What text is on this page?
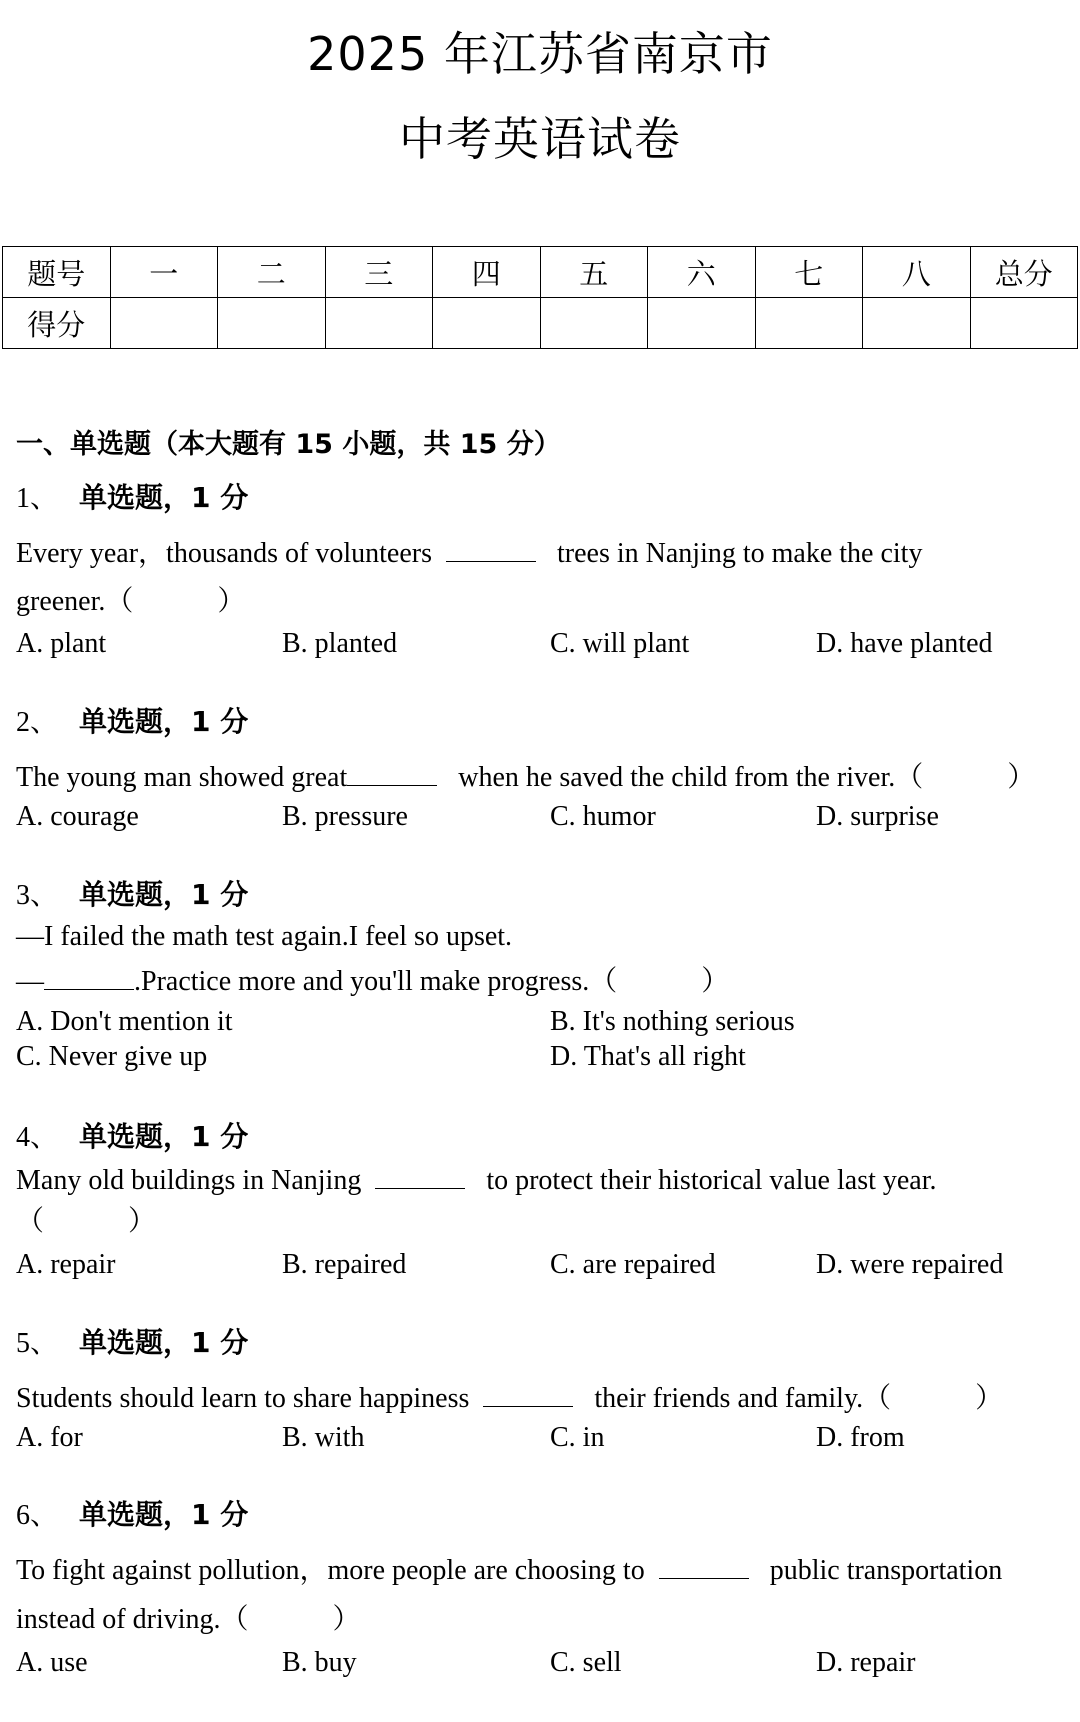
2025 年江苏省南京市
中考英语试卷
题号	一	二	三	四	五	六	七	八	总分
得分									
一、单选题（本大题有 15 小题，共 15 分）
1、 单选题，1 分
Every year，thousands of volunteers	trees in Nanjing to make the city
greener.（　　　）
A. plant	B. planted	C. will plant	D. have planted
2、 单选题，1 分
The young man showed great	when he saved the child from the river.（　　　）
A. courage	B. pressure	C. humor	D. surprise
3、 单选题，1 分
—I failed the math test again.I feel so upset.
—	.Practice more and you'll make progress.（　　　）
A. Don't mention it	B. It's nothing serious
C. Never give up	D. That's all right
4、 单选题，1 分
Many old buildings in Nanjing	to protect their historical value last year.
（　　　）
A. repair	B. repaired	C. are repaired	D. were repaired
5、 单选题，1 分
Students should learn to share happiness	their friends and family.（　　　）
A. for	B. with	C. in	D. from
6、 单选题，1 分
To fight against pollution，more people are choosing to	public transportation
instead of driving.（　　　）
A. use	B. buy	C. sell	D. repair
